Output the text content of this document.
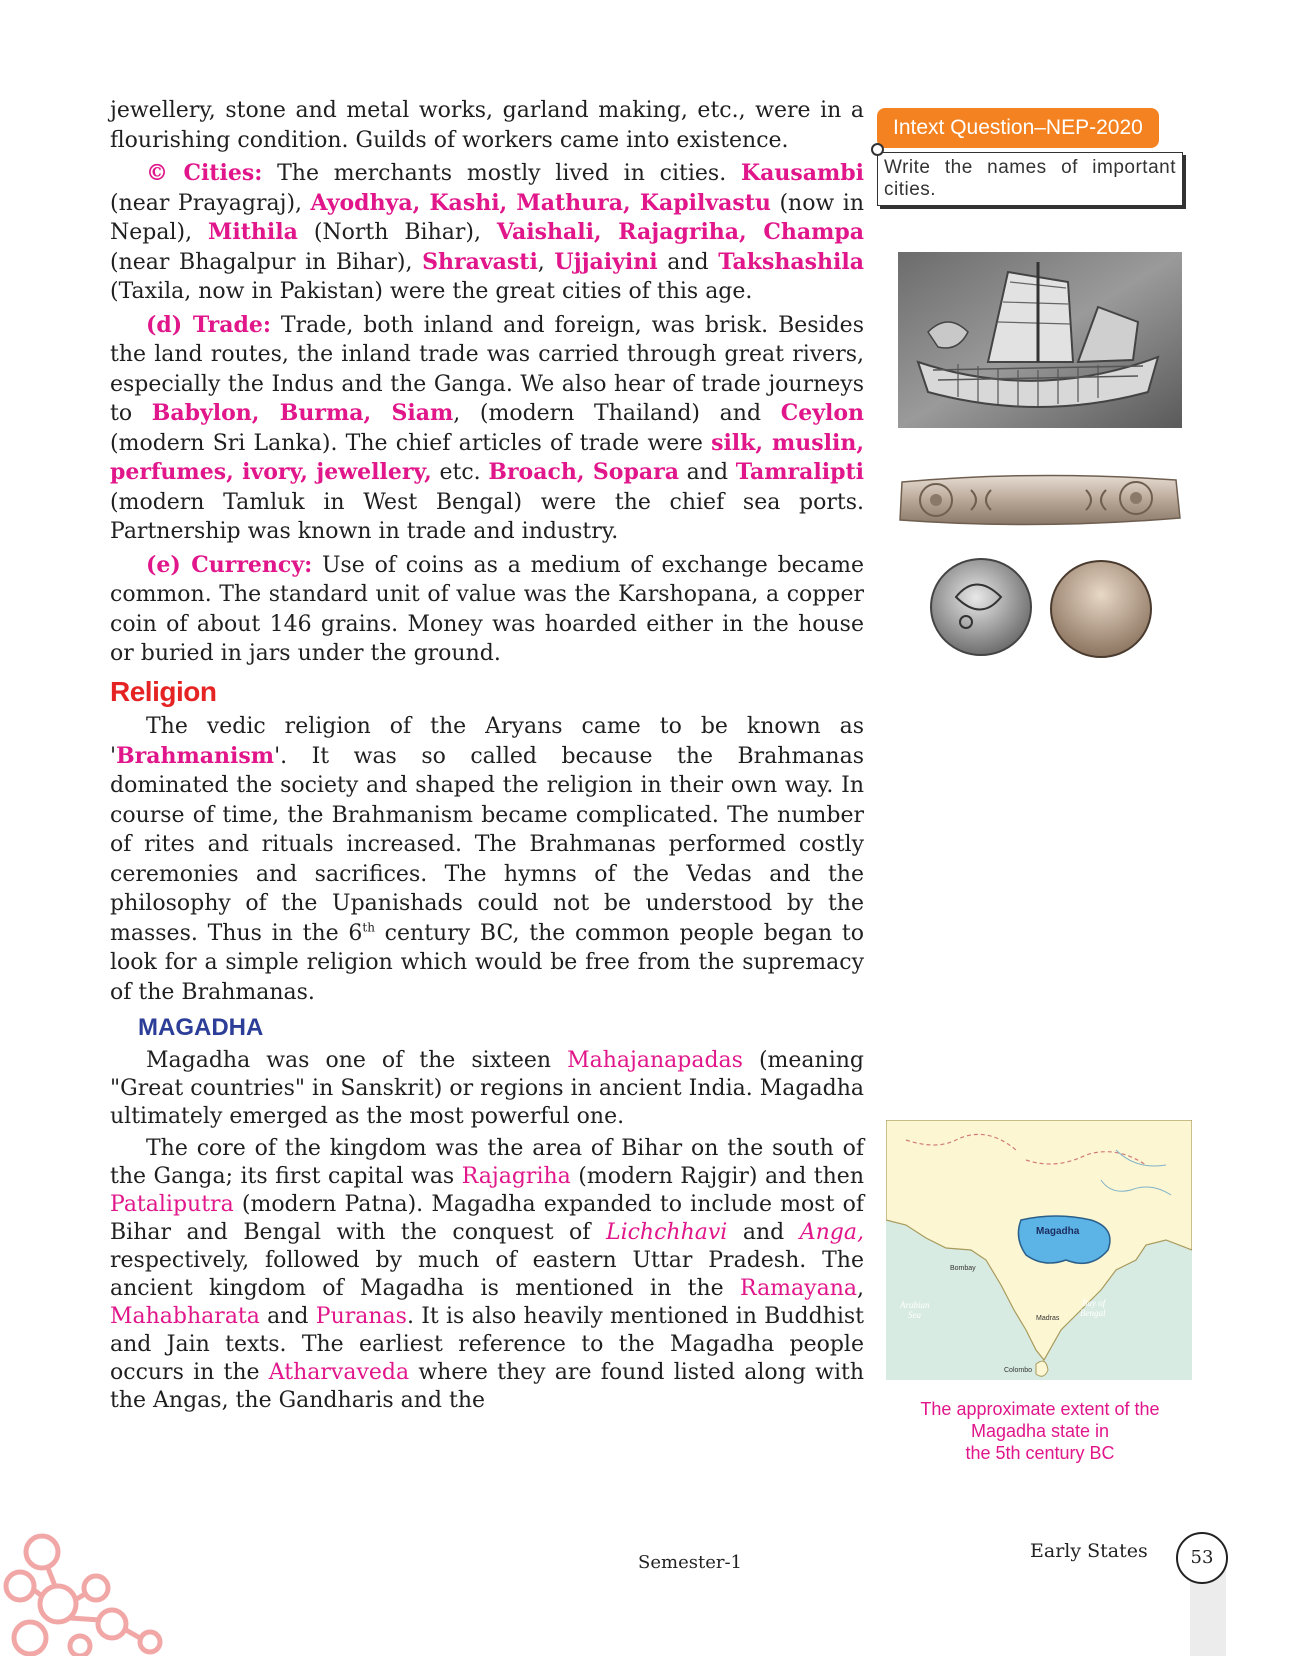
jewellery, stone and metal works, garland making, etc., were in a flourishing condition. Guilds of workers came into existence.

© Cities: The merchants mostly lived in cities. Kausambi (near Prayagraj), Ayodhya, Kashi, Mathura, Kapilvastu (now in Nepal), Mithila (North Bihar), Vaishali, Rajagriha, Champa (near Bhagalpur in Bihar), Shravasti, Ujjaiyini and Takshashila (Taxila, now in Pakistan) were the great cities of this age.

(d) Trade: Trade, both inland and foreign, was brisk. Besides the land routes, the inland trade was carried through great rivers, especially the Indus and the Ganga. We also hear of trade journeys to Babylon, Burma, Siam, (modern Thailand) and Ceylon (modern Sri Lanka). The chief articles of trade were silk, muslin, perfumes, ivory, jewellery, etc. Broach, Sopara and Tamralipti (modern Tamluk in West Bengal) were the chief sea ports. Partnership was known in trade and industry.

(e) Currency: Use of coins as a medium of exchange became common. The standard unit of value was the Karshopana, a copper coin of about 146 grains. Money was hoarded either in the house or buried in jars under the ground.

Religion

The vedic religion of the Aryans came to be known as 'Brahmanism'. It was so called because the Brahmanas dominated the society and shaped the religion in their own way. In course of time, the Brahmanism became complicated. The number of rites and rituals increased. The Brahmanas performed costly ceremonies and sacrifices. The hymns of the Vedas and the philosophy of the Upanishads could not be understood by the masses. Thus in the 6th century BC, the common people began to look for a simple religion which would be free from the supremacy of the Brahmanas.

MAGADHA

Magadha was one of the sixteen Mahajanapadas (meaning "Great countries" in Sanskrit) or regions in ancient India. Magadha ultimately emerged as the most powerful one.

The core of the kingdom was the area of Bihar on the south of the Ganga; its first capital was Rajagriha (modern Rajgir) and then Pataliputra (modern Patna). Magadha expanded to include most of Bihar and Bengal with the conquest of Lichchhavi and Anga, respectively, followed by much of eastern Uttar Pradesh. The ancient kingdom of Magadha is mentioned in the Ramayana, Mahabharata and Puranas. It is also heavily mentioned in Buddhist and Jain texts. The earliest reference to the Magadha people occurs in the Atharvaveda where they are found listed along with the Angas, the Gandharis and the

Intext Question–NEP-2020
Write the names of important cities.
Magadha
Bombay
Arabian
Sea
Bay of
Bengal
Madras
Colombo
The approximate extent of the
Magadha state in
the 5th century BC
Semester-1
Early States	53
